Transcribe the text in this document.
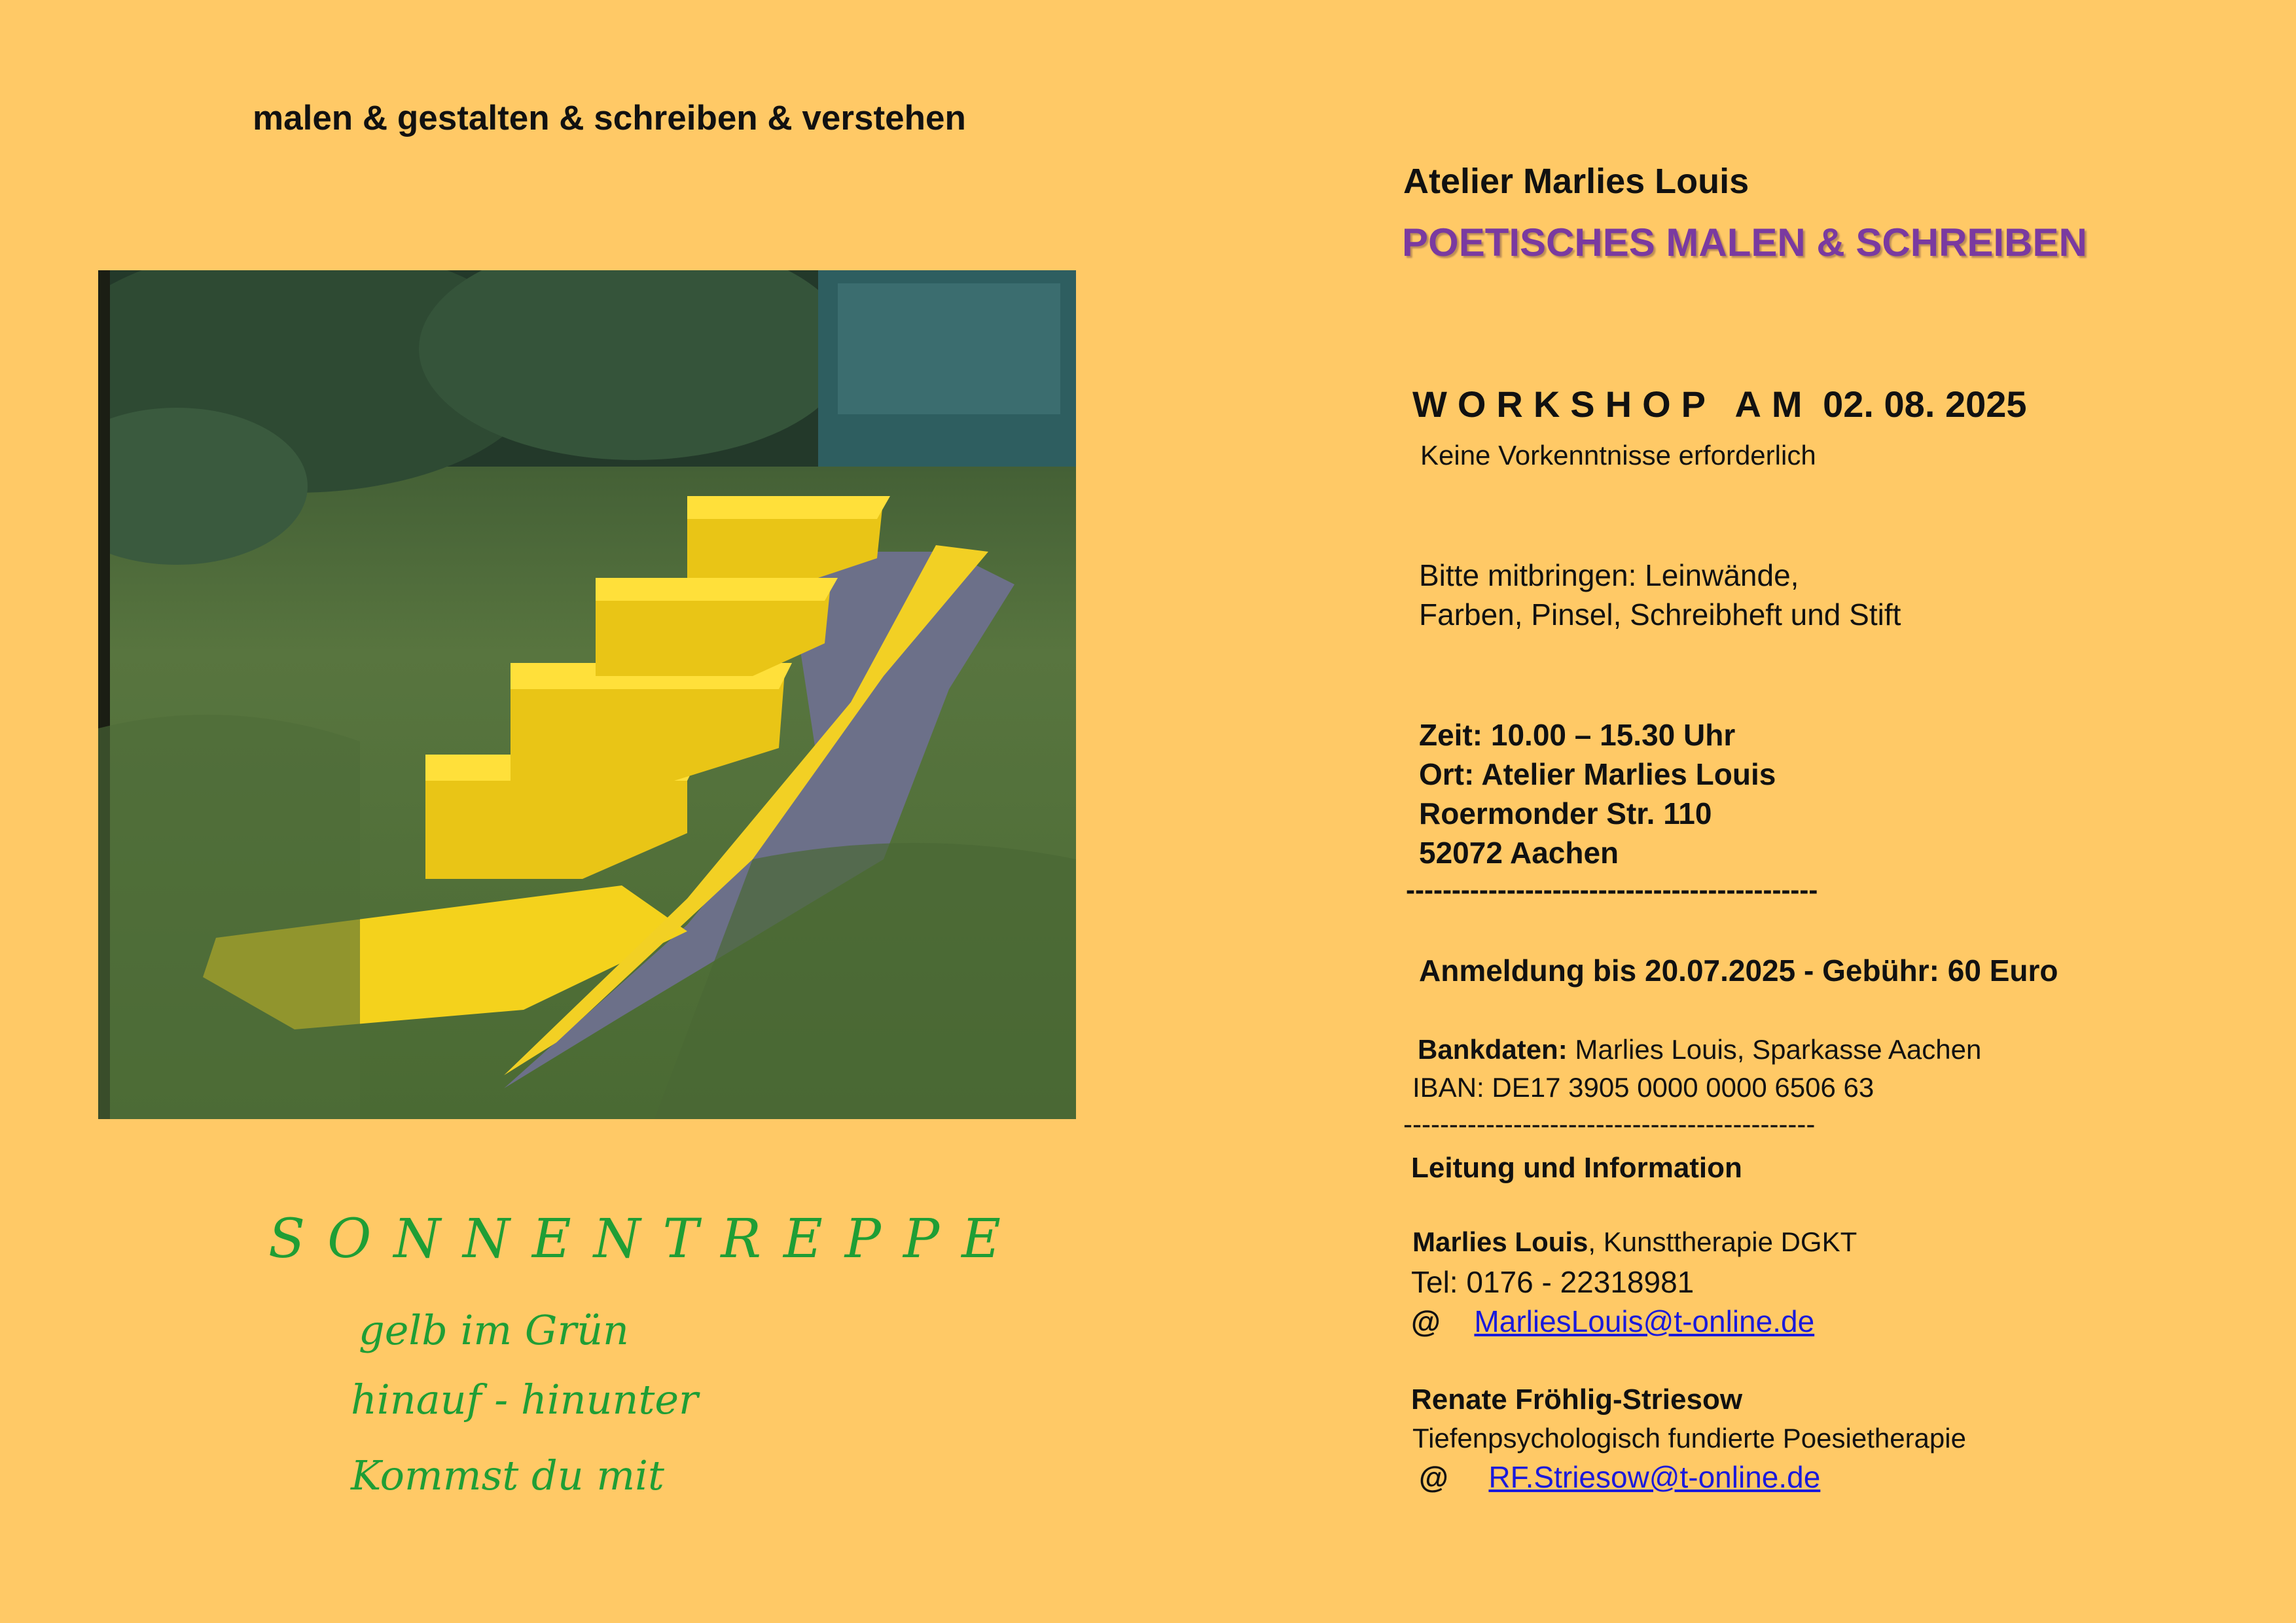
malen & gestalten & schreiben & verstehen
SONNENTREPPE
gelb im Grün
hinauf - hinunter
Kommst du mit
Atelier Marlies Louis
POETISCHES MALEN & SCHREIBEN
WORKSHOP AM 02. 08. 2025
Keine Vorkenntnisse erforderlich
Bitte mitbringen: Leinwände,
Farben, Pinsel, Schreibheft und Stift
Zeit: 10.00 – 15.30 Uhr
Ort: Atelier Marlies Louis
Roermonder Str. 110
52072 Aachen
---------------------------------------------
Anmeldung bis 20.07.2025 - Gebühr: 60 Euro
Bankdaten: Marlies Louis, Sparkasse Aachen
IBAN: DE17 3905 0000 0000 6506 63
---------------------------------------------
Leitung und Information
Marlies Louis, Kunsttherapie DGKT
Tel: 0176 - 22318981
@ MarliesLouis@t-online.de
Renate Fröhlig-Striesow
Tiefenpsychologisch fundierte Poesietherapie
@ RF.Striesow@t-online.de
